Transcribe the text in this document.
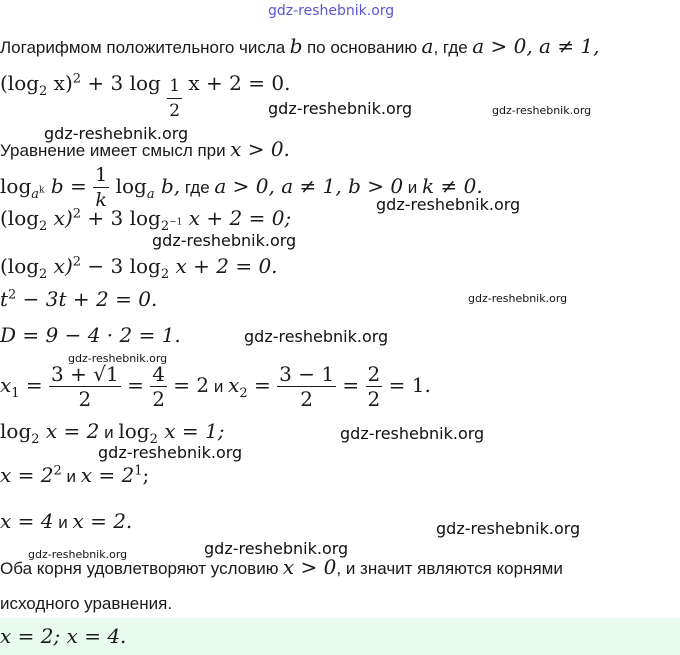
gdz-reshebnik.org
Логарифмом положительного числа b по основанию a, где a > 0, a ≠ 1,
($\log_2$ x)$^2$ + 3 $\log \frac{1}{2}$ x + 2 = 0.
gdz-reshebnik.org	gdz-reshebnik.org
gdz-reshebnik.org
Уравнение имеет смысл при x > 0.
$\log_{a^k} b = \frac{1}{k} \log_a b$, где a > 0, a ≠ 1, b > 0 и k ≠ 0.
gdz-reshebnik.org
($\log_2$ x)$^2$ + 3 $\log_{2^{-1}} x + 2 = 0$;
gdz-reshebnik.org
($\log_2$ x)$^2$ − 3 $\log_2 x + 2 = 0$.
$t^2 - 3t + 2 = 0$.	gdz-reshebnik.org
D = 9 − 4 · 2 = 1.	gdz-reshebnik.org
gdz-reshebnik.org
$x_1 = \frac{3 + √1}{2} = \frac{4}{2} = 2$ и $x_2 = \frac{3 - 1}{2} = \frac{2}{2} = 1$.
$\log_2 x = 2$ и $\log_2 x = 1$;	gdz-reshebnik.org
gdz-reshebnik.org
$x = 2^2$ и $x = 2^1$;
x = 4 и x = 2.	gdz-reshebnik.org
gdz-reshebnik.org
gdz-reshebnik.org
Оба корня удовлетворяют условию x > 0, и значит являются корнями
исходного уравнения.
x = 2; x = 4.
